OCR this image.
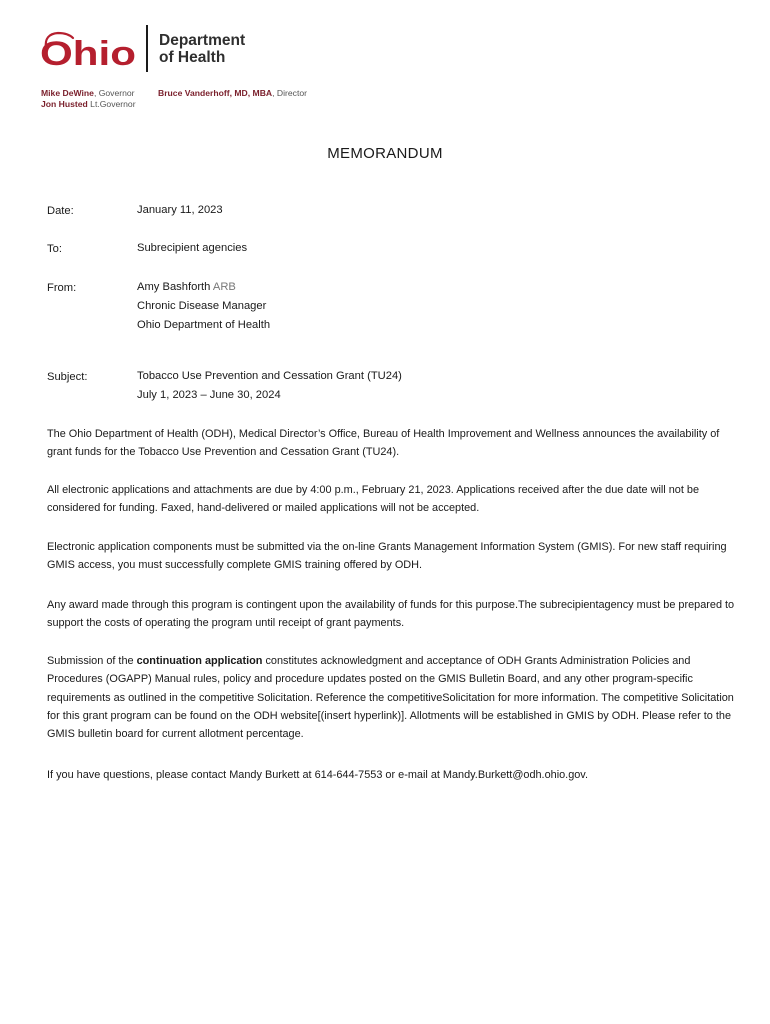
Ohio Department
of Health
Mike DeWine, Governor
Jon Husted Lt.Governor
Bruce Vanderhoff, MD, MBA, Director
MEMORANDUM
Date:	January 11, 2023
To:	Subrecipient agencies
From:	Amy Bashforth ARB
Chronic Disease Manager
Ohio Department of Health
Subject:	Tobacco Use Prevention and Cessation Grant (TU24)
July 1, 2023 – June 30, 2024

The Ohio Department of Health (ODH), Medical Director’s Office, Bureau of Health Improvement and Wellness announces the availability of grant funds for the Tobacco Use Prevention and Cessation Grant (TU24).

All electronic applications and attachments are due by 4:00 p.m., February 21, 2023. Applications received after the due date will not be considered for funding. Faxed, hand-delivered or mailed applications will not be accepted.

Electronic application components must be submitted via the on-line Grants Management Information System (GMIS). For new staff requiring GMIS access, you must successfully complete GMIS training offered by ODH.

Any award made through this program is contingent upon the availability of funds for this purpose.The subrecipientagency must be prepared to support the costs of operating the program until receipt of grant payments.

Submission of the continuation application constitutes acknowledgment and acceptance of ODH Grants Administration Policies and Procedures (OGAPP) Manual rules, policy and procedure updates posted on the GMIS Bulletin Board, and any other program-specific requirements as outlined in the competitive Solicitation. Reference the competitiveSolicitation for more information. The competitive Solicitation for this grant program can be found on the ODH website[(insert hyperlink)]. Allotments will be established in GMIS by ODH. Please refer to the GMIS bulletin board for current allotment percentage.

If you have questions, please contact Mandy Burkett at 614-644-7553 or e-mail at Mandy.Burkett@odh.ohio.gov.
